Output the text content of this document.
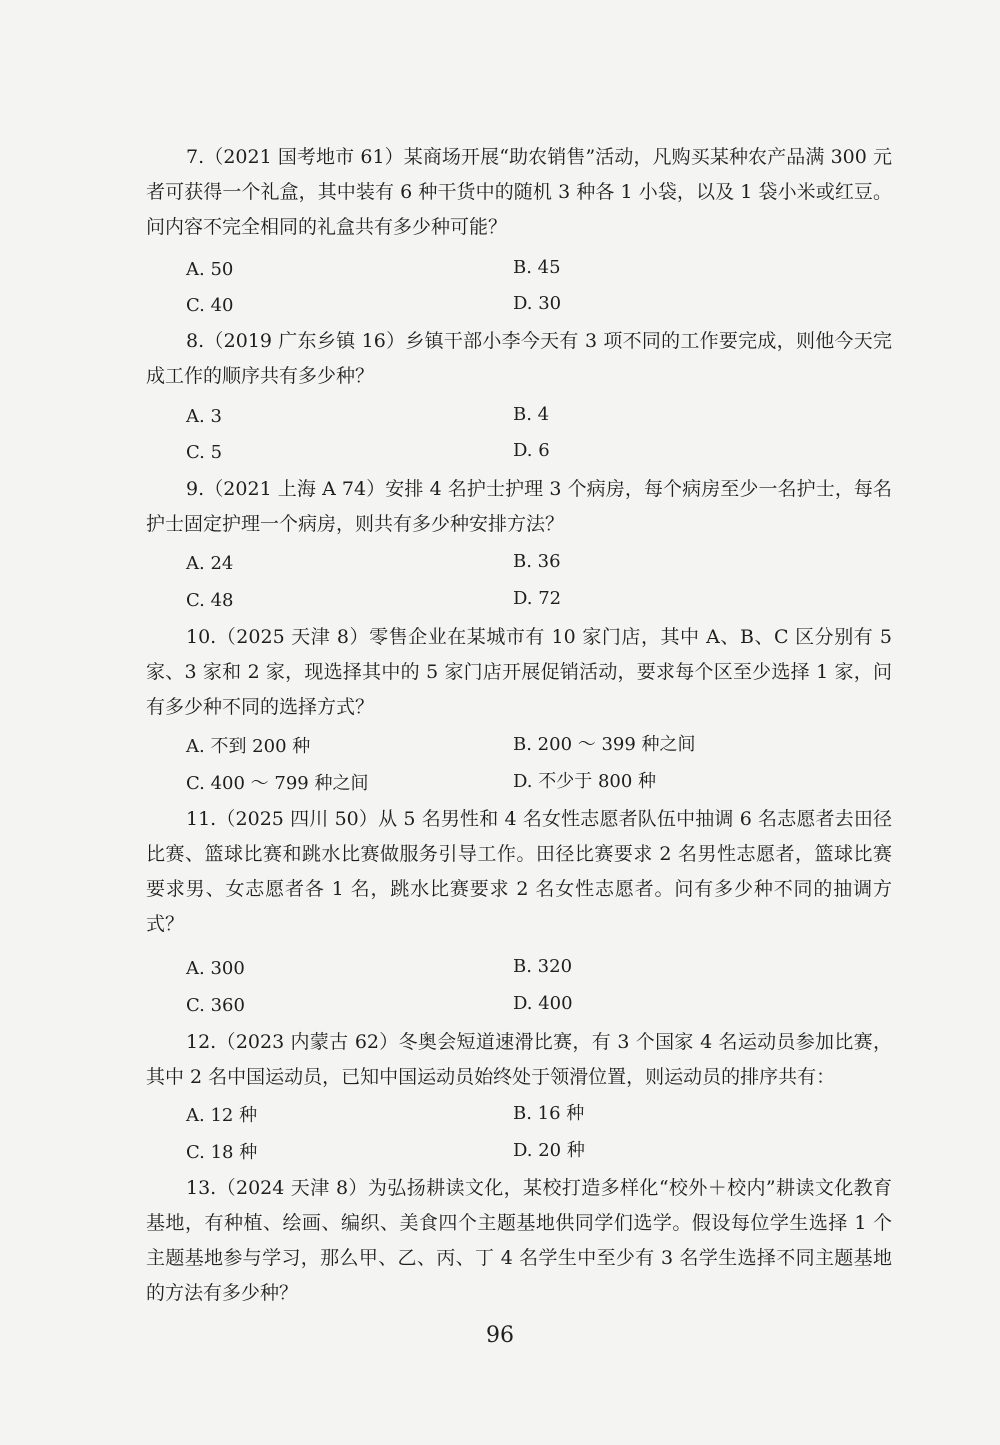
7.（2021 国考地市 61）某商场开展“助农销售”活动，凡购买某种农产品满 300 元者可获得一个礼盒，其中装有 6 种干货中的随机 3 种各 1 小袋，以及 1 袋小米或红豆。问内容不完全相同的礼盒共有多少种可能？

A. 50	B. 45
C. 40	D. 30

8.（2019 广东乡镇 16）乡镇干部小李今天有 3 项不同的工作要完成，则他今天完成工作的顺序共有多少种？

A. 3	B. 4
C. 5	D. 6

9.（2021 上海 A 74）安排 4 名护士护理 3 个病房，每个病房至少一名护士，每名护士固定护理一个病房，则共有多少种安排方法？

A. 24	B. 36
C. 48	D. 72

10.（2025 天津 8）零售企业在某城市有 10 家门店，其中 A、B、C 区分别有 5 家、3 家和 2 家，现选择其中的 5 家门店开展促销活动，要求每个区至少选择 1 家，问有多少种不同的选择方式？

A. 不到 200 种	B. 200 ～ 399 种之间
C. 400 ～ 799 种之间	D. 不少于 800 种

11.（2025 四川 50）从 5 名男性和 4 名女性志愿者队伍中抽调 6 名志愿者去田径比赛、篮球比赛和跳水比赛做服务引导工作。田径比赛要求 2 名男性志愿者，篮球比赛要求男、女志愿者各 1 名，跳水比赛要求 2 名女性志愿者。问有多少种不同的抽调方式？

A. 300	B. 320
C. 360	D. 400

12.（2023 内蒙古 62）冬奥会短道速滑比赛，有 3 个国家 4 名运动员参加比赛，其中 2 名中国运动员，已知中国运动员始终处于领滑位置，则运动员的排序共有：

A. 12 种	B. 16 种
C. 18 种	D. 20 种

13.（2024 天津 8）为弘扬耕读文化，某校打造多样化“校外＋校内”耕读文化教育基地，有种植、绘画、编织、美食四个主题基地供同学们选学。假设每位学生选择 1 个主题基地参与学习，那么甲、乙、丙、丁 4 名学生中至少有 3 名学生选择不同主题基地的方法有多少种？

96
